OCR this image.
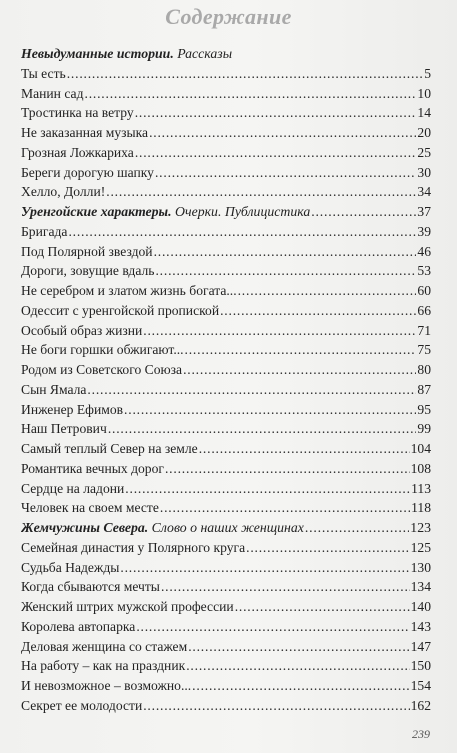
Содержание
Невыдуманные истории. Рассказы
Ты есть .....	5
Манин сад .....	10
Тростинка на ветру .....	14
Не заказанная музыка .....	20
Грозная Ложкариха .....	25
Береги дорогую шапку .....	30
Хелло, Долли! .....	34
Уренгойские характеры. Очерки. Публицистика .....	37
Бригада .....	39
Под Полярной звездой .....	46
Дороги, зовущие вдаль .....	53
Не серебром и златом жизнь богата... .....	60
Одессит с уренгойской пропиской .....	66
Особый образ жизни .....	71
Не боги горшки обжигают... .....	75
Родом из Советского Союза .....	80
Сын Ямала .....	87
Инженер Ефимов .....	95
Наш Петрович .....	99
Самый теплый Север на земле .....	104
Романтика вечных дорог .....	108
Сердце на ладони .....	113
Человек на своем месте .....	118
Жемчужины Севера. Слово о наших женщинах .....	123
Семейная династия у Полярного круга .....	125
Судьба Надежды .....	130
Когда сбываются мечты .....	134
Женский штрих мужской профессии .....	140
Королева автопарка .....	143
Деловая женщина со стажем .....	147
На работу – как на праздник .....	150
И невозможное – возможно... .....	154
Секрет ее молодости .....	162
239
